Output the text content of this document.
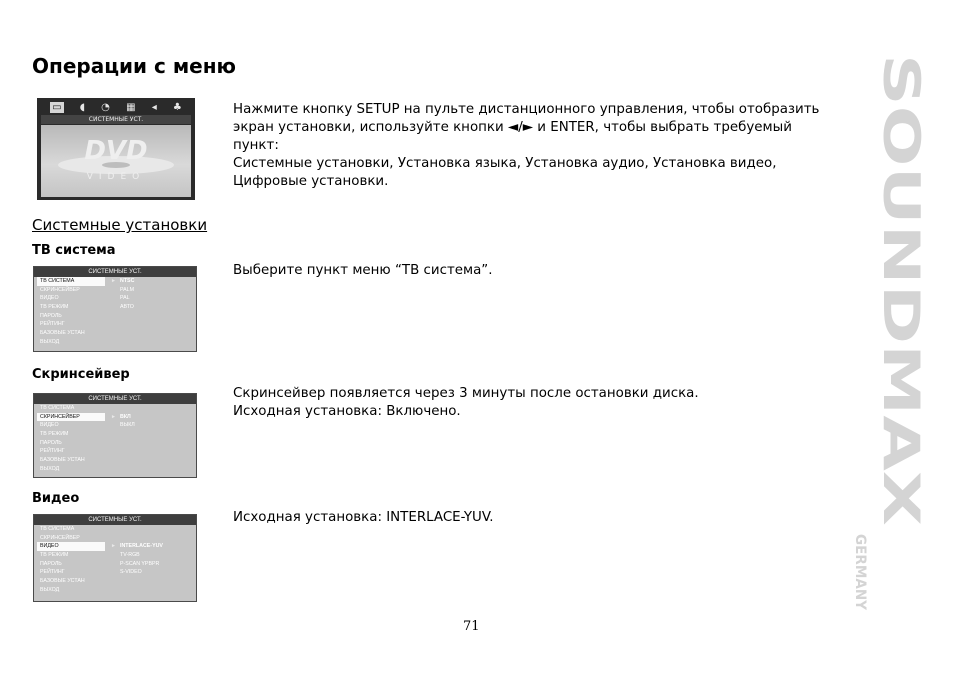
Операции с меню
▭ ◖ ◔ ▦ ◂ ♣
СИСТЕМНЫЕ УСТ.
DVD
VIDEO
Нажмите кнопку SETUP на пульте дистанционного управления, чтобы отобразить
экран установки, используйте кнопки ◄/► и ENTER, чтобы выбрать требуемый
пункт:
Системные установки, Установка языка, Установка аудио, Установка видео,
Цифровые установки.
Системные установки
ТВ система
Выберите пункт меню “ТВ система”.
СИСТЕМНЫЕ УСТ.
ТВ СИСТЕМА	► NTSC
СКРИНСЕЙВЕР	PALM
ВИДЕО	PAL
ТВ РЕЖИМ	АВТО
ПАРОЛЬ
РЕЙТИНГ
БАЗОВЫЕ УСТАН
ВЫХОД
Скринсейвер
Скринсейвер появляется через 3 минуты после остановки диска.
Исходная установка: Включено.
СИСТЕМНЫЕ УСТ.
ТВ СИСТЕМА
СКРИНСЕЙВЕР	► ВКЛ
ВИДЕО	ВЫКЛ
ТВ РЕЖИМ
ПАРОЛЬ
РЕЙТИНГ
БАЗОВЫЕ УСТАН
ВЫХОД
Видео
Исходная установка: INTERLACE-YUV.
СИСТЕМНЫЕ УСТ.
ТВ СИСТЕМА
СКРИНСЕЙВЕР
ВИДЕО	► INTERLACE-YUV
ТВ РЕЖИМ	TV-RGB
ПАРОЛЬ	P-SCAN YPBPR
РЕЙТИНГ	S-VIDEO
БАЗОВЫЕ УСТАН
ВЫХОД
SOUNDMAX
GERMANY
71
